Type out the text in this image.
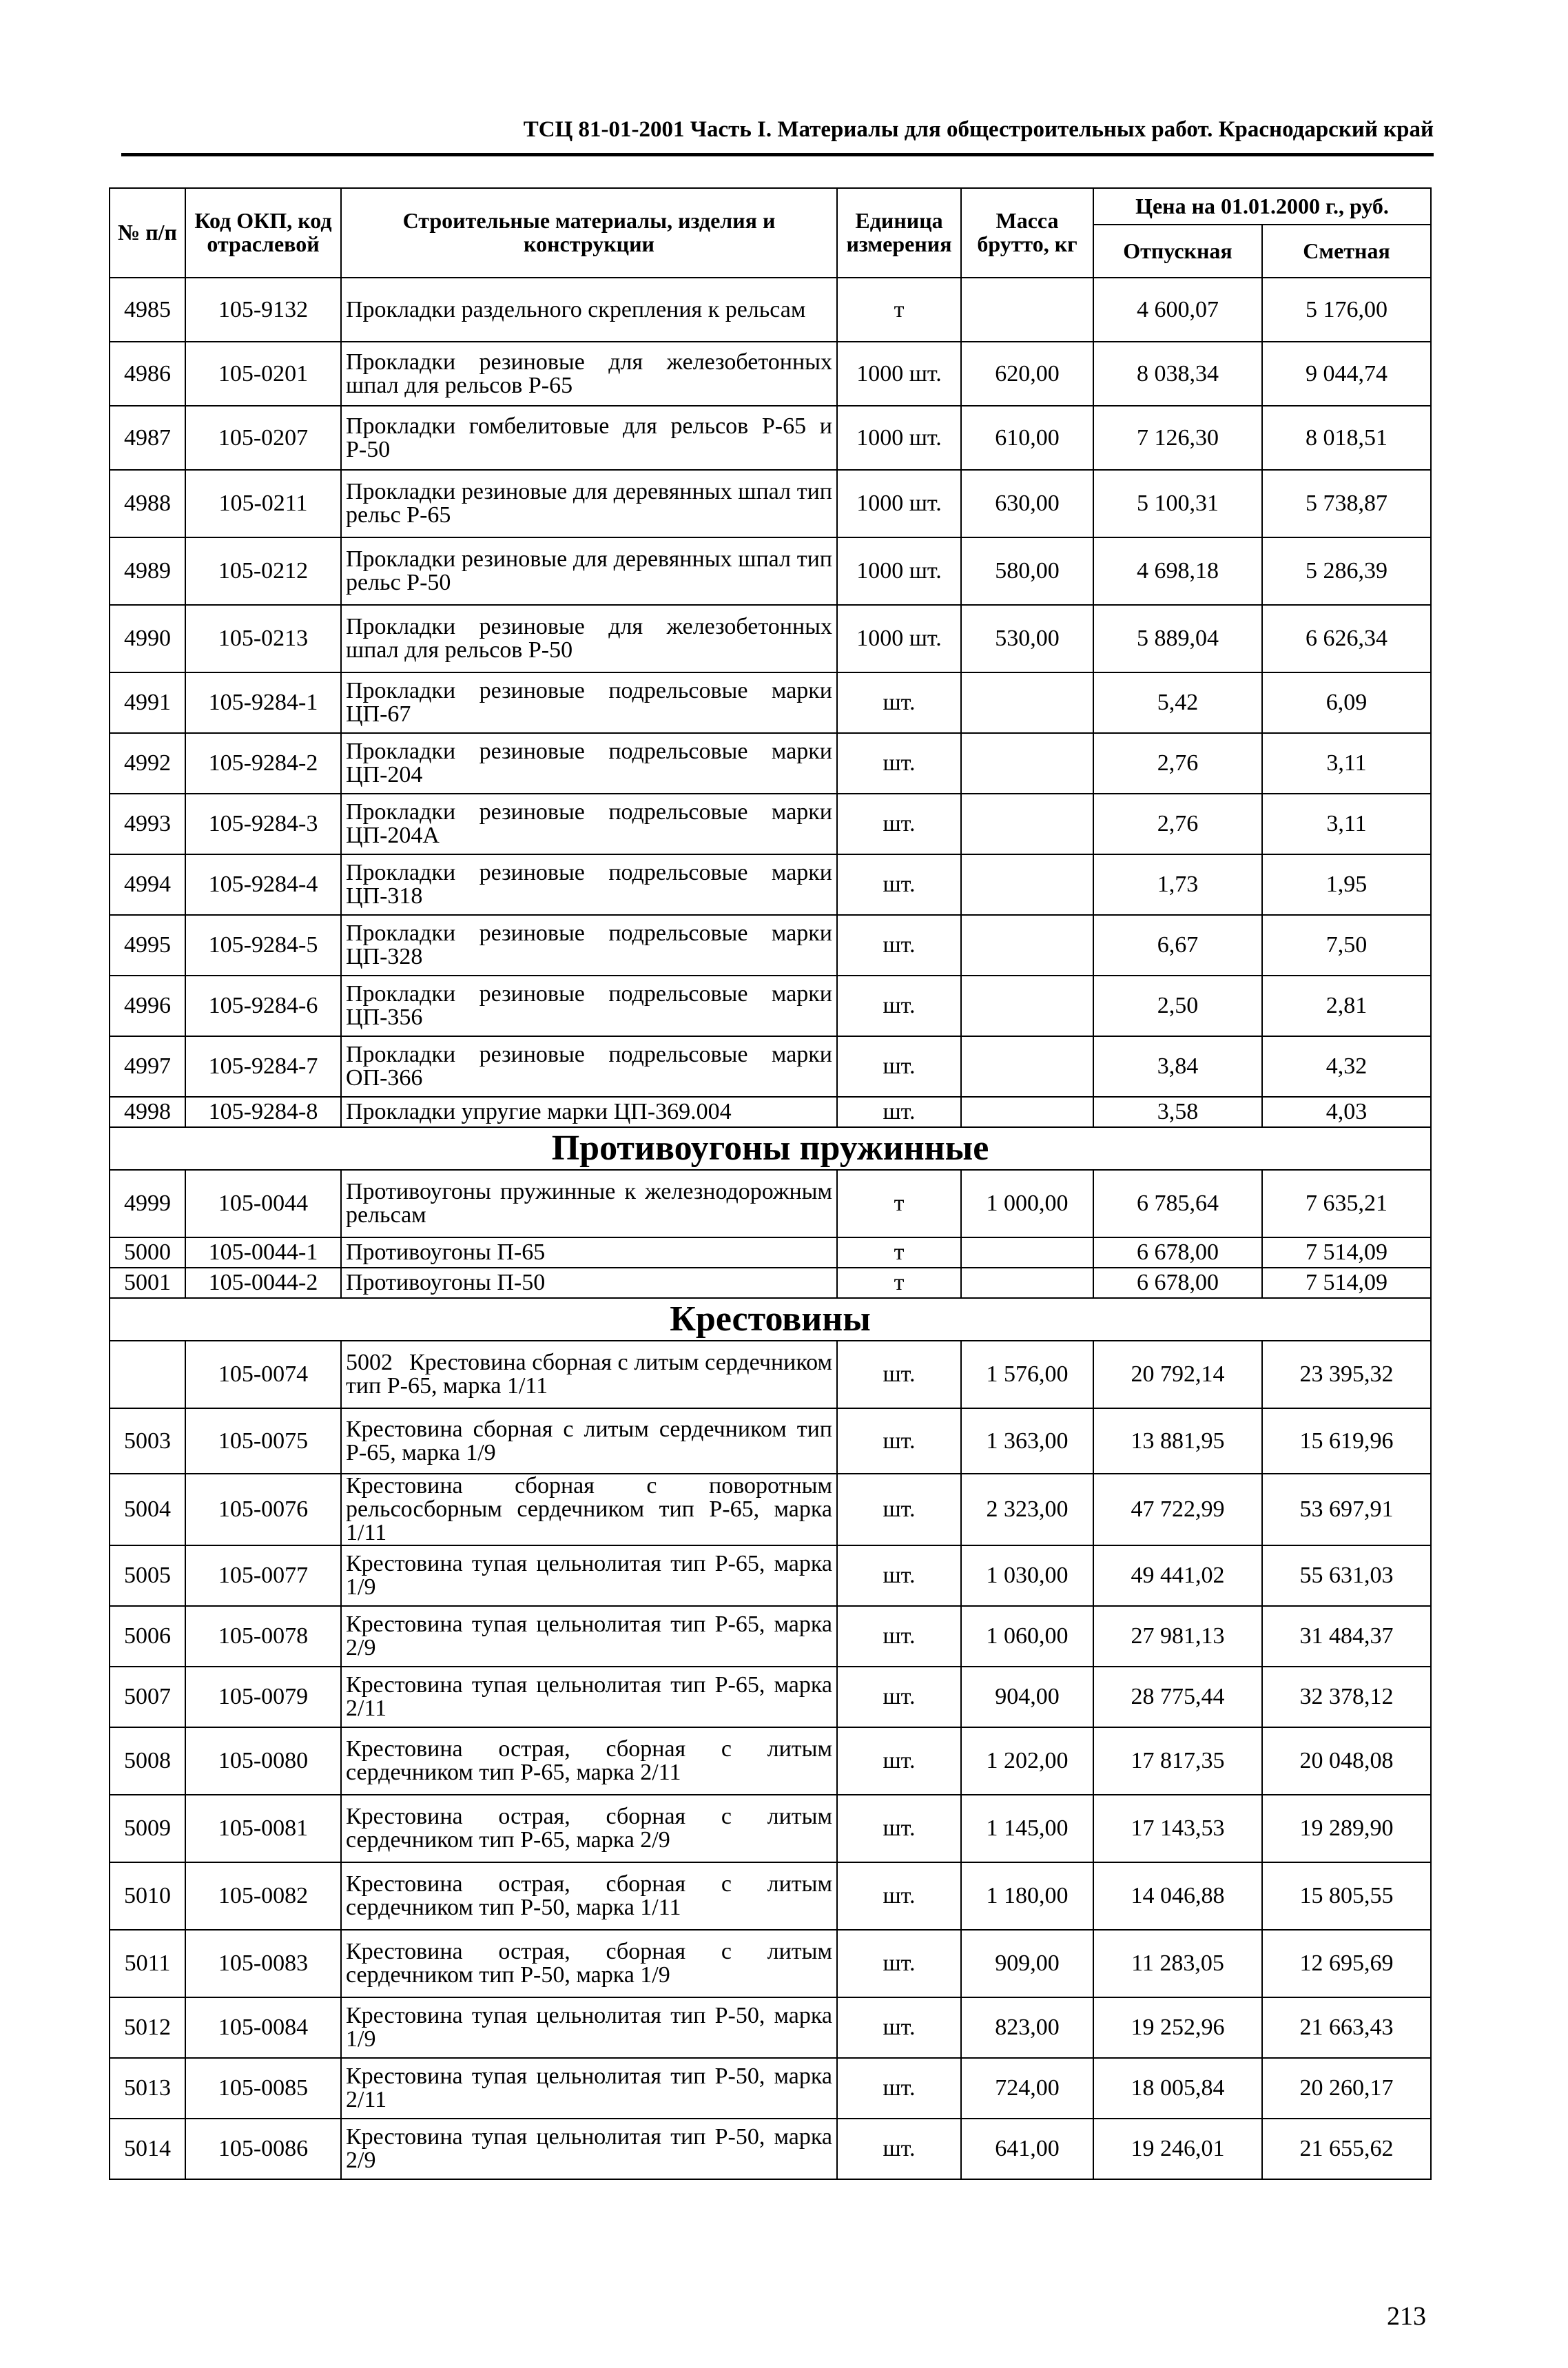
ТСЦ 81-01-2001 Часть I. Материалы для общестроительных работ. Краснодарский край
№ п/п	Код ОКП, код отраслевой	Строительные материалы, изделия и конструкции	Единица измерения	Масса брутто, кг	Цена на 01.01.2000 г., руб.	
					Отпускная	Сметная
4985	105-9132	Прокладки раздельного скрепления к рельсам	т		4 600,07	5 176,00
4986	105-0201	Прокладки резиновые для железобетонных шпал для рельсов Р-65	1000 шт.	620,00	8 038,34	9 044,74
4987	105-0207	Прокладки гомбелитовые для рельсов Р-65 и Р-50	1000 шт.	610,00	7 126,30	8 018,51
4988	105-0211	Прокладки резиновые для деревянных шпал тип рельс Р-65	1000 шт.	630,00	5 100,31	5 738,87
4989	105-0212	Прокладки резиновые для деревянных шпал тип рельс Р-50	1000 шт.	580,00	4 698,18	5 286,39
4990	105-0213	Прокладки резиновые для железобетонных шпал для рельсов Р-50	1000 шт.	530,00	5 889,04	6 626,34
4991	105-9284-1	Прокладки резиновые подрельсовые марки ЦП-67	шт.		5,42	6,09
4992	105-9284-2	Прокладки резиновые подрельсовые марки ЦП-204	шт.		2,76	3,11
4993	105-9284-3	Прокладки резиновые подрельсовые марки ЦП-204А	шт.		2,76	3,11
4994	105-9284-4	Прокладки резиновые подрельсовые марки ЦП-318	шт.		1,73	1,95
4995	105-9284-5	Прокладки резиновые подрельсовые марки ЦП-328	шт.		6,67	7,50
4996	105-9284-6	Прокладки резиновые подрельсовые марки ЦП-356	шт.		2,50	2,81
4997	105-9284-7	Прокладки резиновые подрельсовые марки ОП-366	шт.		3,84	4,32
4998	105-9284-8	Прокладки упругие марки ЦП-369.004	шт.		3,58	4,03
Противоугоны пружинные						
4999	105-0044	Противоугоны пружинные к железнодорожным рельсам	т	1 000,00	6 785,64	7 635,21
5000	105-0044-1	Противоугоны П-65	т		6 678,00	7 514,09
5001	105-0044-2	Противоугоны П-50	т		6 678,00	7 514,09
Крестовины						
	105-0074	5002 Крестовина сборная с литым сердечником тип Р-65, марка 1/11	шт.	1 576,00	20 792,14	23 395,32
5003	105-0075	Крестовина сборная с литым сердечником тип Р-65, марка 1/9	шт.	1 363,00	13 881,95	15 619,96
5004	105-0076	Крестовина сборная с поворотным рельсосборным сердечником тип Р-65, марка 1/11	шт.	2 323,00	47 722,99	53 697,91
5005	105-0077	Крестовина тупая цельнолитая тип Р-65, марка 1/9	шт.	1 030,00	49 441,02	55 631,03
5006	105-0078	Крестовина тупая цельнолитая тип Р-65, марка 2/9	шт.	1 060,00	27 981,13	31 484,37
5007	105-0079	Крестовина тупая цельнолитая тип Р-65, марка 2/11	шт.	904,00	28 775,44	32 378,12
5008	105-0080	Крестовина острая, сборная с литым сердечником тип Р-65, марка 2/11	шт.	1 202,00	17 817,35	20 048,08
5009	105-0081	Крестовина острая, сборная с литым сердечником тип Р-65, марка 2/9	шт.	1 145,00	17 143,53	19 289,90
5010	105-0082	Крестовина острая, сборная с литым сердечником тип Р-50, марка 1/11	шт.	1 180,00	14 046,88	15 805,55
5011	105-0083	Крестовина острая, сборная с литым сердечником тип Р-50, марка 1/9	шт.	909,00	11 283,05	12 695,69
5012	105-0084	Крестовина тупая цельнолитая тип Р-50, марка 1/9	шт.	823,00	19 252,96	21 663,43
5013	105-0085	Крестовина тупая цельнолитая тип Р-50, марка 2/11	шт.	724,00	18 005,84	20 260,17
5014	105-0086	Крестовина тупая цельнолитая тип Р-50, марка 2/9	шт.	641,00	19 246,01	21 655,62
213
